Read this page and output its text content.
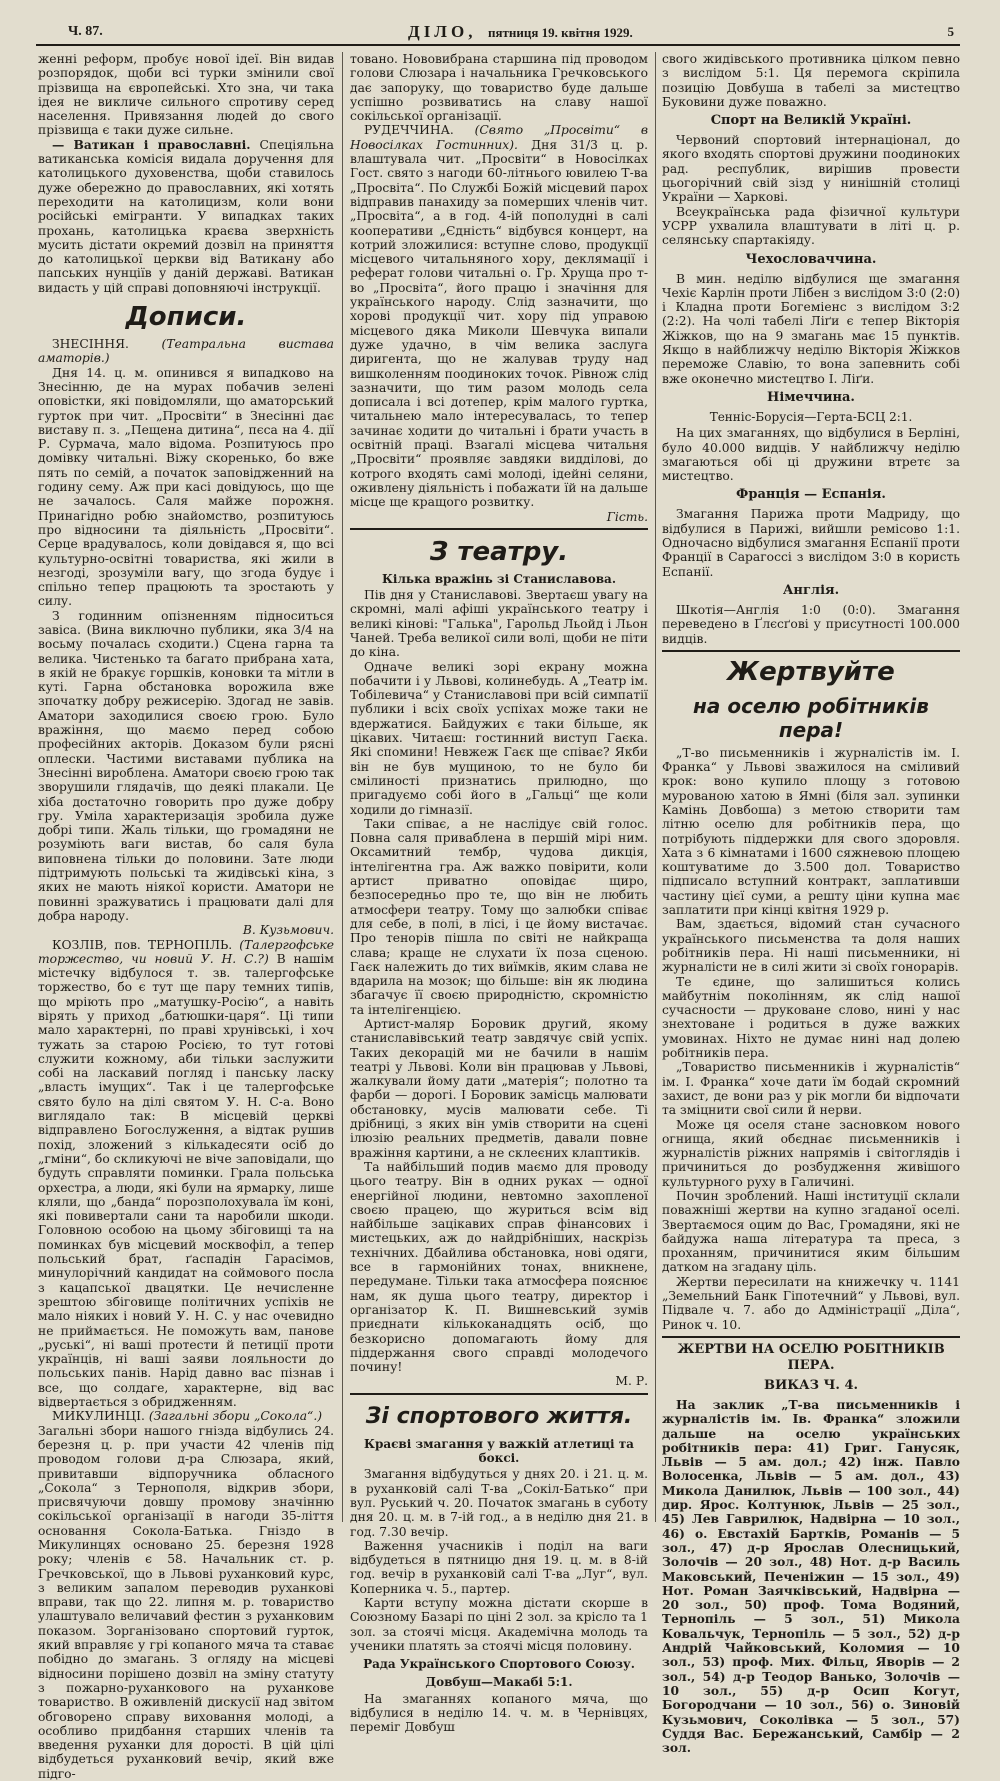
Ч. 87.	ДІЛО, пятниця 19. квітня 1929.	5

женні реформ, пробує нової ідеї. Він видав розпорядок, щоби всі турки змінили свої прізвища на європейські. Хто зна, чи така ідея не викличе сильного спротиву серед населення. Привязання людей до свого прізвища є таки дуже сильне.

— Ватикан і православні. Спеціяльна ватиканська комісія видала доручення для католицького духовенства, щоби ставилось дуже обережно до православних, які хотять переходити на католицизм, коли вони російські емігранти. У випадках таких прохань, католицька краєва зверхність мусить дістати окремий дозвіл на приняття до католицької церкви від Ватикану або папських нунціїв у даній державі. Ватикан видасть у цій справі доповняючі інструкції.

Дописи.

ЗНЕСІННЯ.	(Театральна вистава аматорів.)

Дня 14. ц. м. опинився я випадково на Знесінню, де на мурах побачив зелені оповістки, які повідомляли, що аматорський гурток при чит. „Просвіти“ в Знесінні дає виставу п. з. „Пещена дитина“, пєса на 4. дії Р. Сурмача, мало відома. Розпитуюсь про домівку читальні. Віжу скоренько, бо вже пять по семій, а початок заповідженний на годину сему. Аж при касі довідуюсь, що ще не зачалось. Саля майже порожня. Принагідно робю знайомство, розпитуюсь про відносини та діяльність „Просвіти“. Серце врадувалось, коли довідався я, що всі культурно-освітні товариства, які жили в незгоді, зрозуміли вагу, що згода будує і спільно тепер працюють та зростають у силу.

З годинним опізненням підноситься завіса. (Вина виключно публики, яка 3/4 на восьму почалась сходити.) Сцена гарна та велика. Чистенько та багато прибрана хата, в якій не бракує горшків, коновки та мітли в куті. Гарна обстановка ворожила вже зпочатку добру режисерію. Здогад не завів. Аматори заходилися своєю грою. Було вражіння, що маємо перед собою професійних акторів. Доказом були рясні оплески. Частими виставами публика на Знесінні вироблена. Аматори своєю грою так зворушили глядачів, що деякі плакали. Це хіба достаточно говорить про дуже добру гру. Уміла характеризація зробила дуже добрі типи. Жаль тільки, що громадяни не розуміють ваги вистав, бо саля була виповнена тільки до половини. Зате люди підтримують польські та жидівські кіна, з яких не мають ніякої користи. Аматори не повинні зражуватись і працювати далі для добра народу.

В. Кузьмович.

КОЗЛІВ, пов. ТЕРНОПІЛЬ. (Талергофське торжество, чи новий У. Н. С.?) В нашім містечку відбулося т. зв. талергофське торжество, бо є тут ще пару темних типів, що мріють про „матушку-Росію“, а навіть вірять у приход „батюшки-царя“. Ці типи мало характерні, по праві хрунівські, і хоч тужать за старою Росією, то тут готові служити кожному, аби тільки заслужити собі на ласкавий погляд і панську ласку „власть імущих“. Так і це талергофське свято було на ділі святом У. Н. С-а. Воно виглядало так: В місцевій церкві відправлено Богослуження, а відтак рушив похід, зложений з кількадесяти осіб до „гміни“, бо скликуючі не віче заповідали, що будуть справляти поминки. Грала польська орхестра, а люди, які були на ярмарку, лише кляли, що „банда“ порозполохувала їм коні, які повивертали сани та наробили шкоди. Головною особою на цьому збіговищі та на поминках був місцевий москвофіл, а тепер польський брат, ґаспадін Гарасімов, минулорічний кандидат на соймового посла з кацапської двацятки. Це нечисленне зрештою збіговище політичних успіхів не мало ніяких і новий У. Н. С. у нас очевидно не приймається. Не поможуть вам, панове „руські“, ні ваші протести й петиції проти українців, ні ваші заяви лояльности до польських панів. Нарід давно вас пізнав і все, що солдаге, характерне, від вас відвертається з обридженням.

МИКУЛИНЦІ. (Загальні збори „Сокола“.)

Загальні збори нашого гнізда відбулись 24. березня ц. р. при участи 42 членів під проводом голови д-ра Слюзара, який, привитавши відпоручника обласного „Сокола“ з Тернополя, відкрив збори, присвячуючи довшу промову значінню сокільської організації в нагоди 35-ліття основання Сокола-Батька. Гніздо в Микулинцях основано 25. березня 1928 року; членів є 58. Начальник ст. р. Гречковської, що в Львові руханковий курс, з великим запалом переводив руханкові вправи, так що 22. липня м. р. товариство улаштувало величавий фестин з руханковим показом. Зорганізовано спортовий гурток, який вправляє у грі копаного мяча та ставає побідно до змагань. З огляду на місцеві відносини порішено дозвіл на зміну статуту з пожарно-руханкового на руханкове товариство. В оживленій дискусії над звітом обговорено справу виховання молоді, а особливо придбання старших членів та введення руханки для дорості. В цій цілі відбудеться руханковий вечір, який вже підго-

товано. Нововибрана старшина під проводом голови Слюзара і начальника Гречковського дає запоруку, що товариство буде дальше успішно розвиватись на славу нашої сокільської організації.

РУДЕЧЧИНА. (Свято „Просвіти“ в Новосілках Гостинних). Дня 31/3 ц. р. влаштувала чит. „Просвіти“ в Новосілках Гост. свято з нагоди 60-літнього ювилею Т-ва „Просвіта“. По Службі Божій місцевий парох відправив панахиду за померших членів чит. „Просвіта“, а в год. 4-ій пополудні в салі кооперативи „Єдність“ відбувся концерт, на котрий зложилися: вступне слово, продукції місцевого читальняного хору, деклямації і реферат голови читальні о. Гр. Хруща про т-во „Просвіта“, його працю і значіння для українського народу. Слід зазначити, що хорові продукції чит. хору під управою місцевого дяка Миколи Шевчука випали дуже удачно, в чім велика заслуга диригента, що не жалував труду над вишколенням поодиноких точок. Рівнож слід зазначити, що тим разом молодь села дописала і всі дотепер, крім малого гуртка, читальнею мало інтересувалась, то тепер зачинає ходити до читальні і брати участь в освітній праці. Взагалі місцева читальня „Просвіти“ проявляє завдяки видділові, до котрого входять самі молоді, ідейні селяни, оживлену діяльність і побажати їй на дальше місце ще кращого розвитку.

Гість.
З театру.
Кілька вражінь зі Станиславова.

Пів дня у Станиславові. Звертаєш увагу на скромні, малі афіші українського театру і великі кінові: "Галька", Гарольд Льойд і Льон Чаней. Треба великої сили волі, щоби не піти до кіна.

Одначе великі зорі екрану можна побачити і у Львові, колинебудь. А „Театр ім. Тобілевича“ у Станиславові при всій симпатії публики і всіх своїх успіхах може таки не вдержатися. Байдужих є таки більше, як цікавих. Читаєш: гостинний виступ Гаєка. Які спомини! Невжеж Гаєк ще співає? Якби він не був мущиною, то не було би смілиності признатись прилюдно, що пригадуємо собі його в „Гальці“ ще коли ходили до гімназії.

Таки співає, а не наслідує свій голос. Повна саля привабленa в першій мірі ним. Оксамитний тембр, чудова дикція, інтелігентна гра. Аж важко повірити, коли артист приватно оповідає щиро, безпосередньо про те, що він не любить атмосфери театру. Тому що залюбки співає для себе, в полі, в лісі, і це йому вистачає. Про тенорів пішла по світі не найкраща слава; краще не слухати їх поза сценою. Гаєк належить до тих виїмків, яким слава не вдарила на мозок; що більше: він як людина збагачує її своєю природністю, скромністю та інтелігенцією.

Артист-маляр Боровик другий, якому станиславівський театр завдячує свій успіх. Таких декорацій ми не бачили в нашім театрі у Львові. Коли він працював у Львові, жалкували йому дати „матерія“; полотно та фарби — дорогі. І Боровик замісць малювати обстановку, мусів малювати себе. Ті дрібниці, з яких він умів створити на сцені ілюзію реальних предметів, давали повне вражіння картини, а не склеєних клаптиків.

Та найбільший подив маємо для проводу цього театру. Він в одних руках — одної енергійної людини, невтомно захопленої своєю працею, що журиться всім від найбільше зацікавих справ фінансових і мистецьких, аж до найдрібніших, наскрізь технічних. Дбайлива обстановка, нові одяги, все в гармонійних тонах, вникнене, передумане. Тільки така атмосфера пояснює нам, як душа цього театру, директор і організатор К. П. Вишневський зумів приєднати кількоканадцять осіб, що безкорисно допомагають йому для піддержання свого справді молодечого почину!

М. Р.
Зі спортового життя.
Краєві змагання у важкій атлетиці та боксі.

Змагання відбудуться у днях 20. і 21. ц. м. в руханковій салі Т-ва „Сокіл-Батько“ при вул. Руський ч. 20. Початок змагань в суботу дня 20. ц. м. в 7-ій год., а в неділю дня 21. в год. 7.30 вечір.

Важення учасників і поділ на ваги відбудеться в пятницю дня 19. ц. м. в 8-ій год. вечір в руханковій салі Т-ва „Луг“, вул. Коперника ч. 5., партер.

Карти вступу можна дістати скорше в Союзному Базарі по ціні 2 зол. за крісло та 1 зол. за стоячі місця. Академічна молодь та ученики платять за стоячі місця половину.

Рада Українського Спортового Союзу.
Довбуш—Макабі 5:1.

На змаганнях копаного мяча, що відбулися в неділю 14. ч. м. в Чернівцях, переміг Довбуш

свого жидівського противника цілком певно з вислідом 5:1. Ця перемога скріпила позицію Довбуша в табелі за мистецтво Буковини дуже поважно.

Спорт на Великій Україні.

Червоний спортовий інтернаціонал, до якого входять спортові дружини поодиноких рад. республик, вирішив провести цьогорічний свій зізд у нинішній столиці України — Харкові.

Всеукраїнська рада фізичної культури УСРР ухвалила влаштувати в літі ц. р. селянську спартакіяду.

Чехословаччина.

В мин. неділю відбулися ще змагання Чехіє Карлін проти Лібен з вислідом 3:0 (2:0) і Кладна проти Богеміенс з вислідом 3:2 (2:2). На чолі табелі Ліґи є тепер Вікторія Жіжков, що на 9 змагань має 15 пунктів. Якщо в найближчу неділю Вікторія Жіжков переможе Славію, то вона запевнить собі вже оконечно мистецтво І. Ліґи.

Німеччина.
Тенніс-Борусія—Герта-БСЦ 2:1.

На цих змаганнях, що відбулися в Берліні, було 40.000 видців. У найближчу неділю змагаються обі ці дружини втретє за мистецтво.

Франція — Еспанія.

Змагання Парижа проти Мадриду, що відбулися в Парижі, вийшли ремісово 1:1. Одночасно відбулися змагання Еспанії проти Франції в Сарагоссі з вислідом 3:0 в користь Еспанії.

Англія.

Шкотія—Англія 1:0 (0:0). Змагання переведено в Ґлєсґові у присутності 100.000 видців.

Жертвуйте
на оселю робітників пера!

„Т-во письменників і журналістів ім. І. Франка“ у Львові зважилося на сміливий крок: воно купило площу з готовою мурованою хатою в Ямні (біля зал. зупинки Камінь Довбоша) з метою створити там літню оселю для робітників пера, що потрібують піддержки для свого здоровля. Хата з 6 кімнатами і 1600 сяжневою площею коштуватиме до 3.500 дол. Товариство підписало вступний контракт, заплативши частину цієї суми, а решту ціни купна має заплатити при кінці квітня 1929 р.

Вам, здається, відомий стан сучасного українського письменства та доля наших робітників пера. Ні наші письменники, ні журналісти не в силі жити зі своїх гонорарів.

Те єдине, що залишиться колись майбутнім поколінням, як слід нашої сучасности — друковане слово, нині у нас знехтоване і родиться в дуже важких умовинах. Ніхто не думає нині над долею робітників пера.

„Товариство письменників і журналістів“ ім. І. Франка“ хоче дати їм бодай скромний захист, де вони раз у рік могли би відпочати та зміцнити свої сили й нерви.

Може ця оселя стане засновком нового огнища, який обєднає письменників і журналістів ріжних напрямів і світоглядів і причиниться до розбудження живішого культурного руху в Галичині.

Почин зроблений. Наші інституції склали поважніші жертви на купно згаданої оселі. Звертаємося оцим до Вас, Громадяни, які не байдужа наша література та преса, з проханням, причинитися яким більшим датком на згадану ціль.

Жертви пересилати на книжечку ч. 1141 „Земельний Банк Гіпотечний“ у Львові, вул. Підвале ч. 7. або до Адміністрації „Діла“, Ринок ч. 10.

ЖЕРТВИ НА ОСЕЛЮ РОБІТНИКІВ ПЕРА.
ВИКАЗ Ч. 4.

На заклик „Т-ва письменників і журналістів ім. Ів. Франка“ зложили дальше на оселю українських робітників пера: 41) Григ. Ганусяк, Львів — 5 ам. дол.; 42) інж. Павло Волосенка, Львів — 5 ам. дол., 43) Микола Данилюк, Львів — 100 зол., 44) дир. Ярос. Колтунюк, Львів — 25 зол., 45) Лев Гаврилюк, Надвірна — 10 зол., 46) о. Евстахій Бартків, Романів — 5 зол., 47) д-р Ярослав Олесницький, Золочів — 20 зол., 48) Нот. д-р Василь Маковський, Печеніжин — 15 зол., 49) Нот. Роман Заячківський, Надвірна — 20 зол., 50) проф. Тома Водяний, Тернопіль — 5 зол., 51) Микола Ковальчук, Тернопіль — 5 зол., 52) д-р Андрій Чайковський, Коломия — 10 зол., 53) проф. Мих. Фільц, Яворів — 2 зол., 54) д-р Теодор Ванько, Золочів — 10 зол., 55) д-р Осип Когут, Богородчани — 10 зол., 56) о. Зиновій Кузьмович, Соколівка — 5 зол., 57) Суддя Вас. Бережанський, Самбір — 2 зол.
